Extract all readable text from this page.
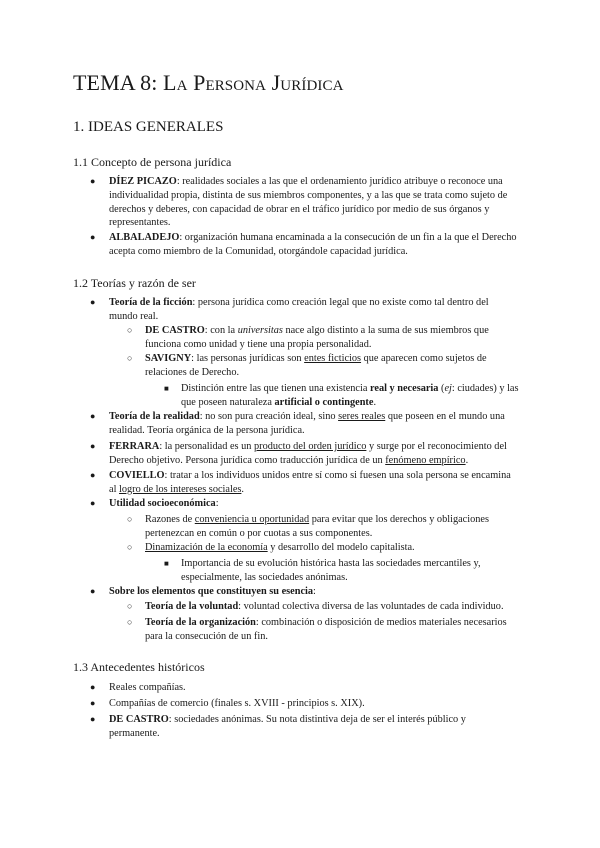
TEMA 8: La Persona Jurídica
1. IDEAS GENERALES
1.1 Concepto de persona jurídica
● DÍEZ PICAZO: realidades sociales a las que el ordenamiento jurídico atribuye o reconoce una individualidad propia, distinta de sus miembros componentes, y a las que se trata como sujeto de derechos y deberes, con capacidad de obrar en el tráfico jurídico por medio de sus órganos y representantes.
● ALBALADEJO: organización humana encaminada a la consecución de un fin a la que el Derecho acepta como miembro de la Comunidad, otorgándole capacidad jurídica.
1.2 Teorías y razón de ser
● Teoría de la ficción: persona jurídica como creación legal que no existe como tal dentro del mundo real.
○ DE CASTRO: con la universitas nace algo distinto a la suma de sus miembros que funciona como unidad y tiene una propia personalidad.
○ SAVIGNY: las personas jurídicas son entes ficticios que aparecen como sujetos de relaciones de Derecho.
■ Distinción entre las que tienen una existencia real y necesaria (ej: ciudades) y las que poseen naturaleza artificial o contingente.
● Teoría de la realidad: no son pura creación ideal, sino seres reales que poseen en el mundo una realidad. Teoría orgánica de la persona jurídica.
● FERRARA: la personalidad es un producto del orden jurídico y surge por el reconocimiento del Derecho objetivo. Persona jurídica como traducción jurídica de un fenómeno empírico.
● COVIELLO: tratar a los individuos unidos entre sí como si fuesen una sola persona se encamina al logro de los intereses sociales.
● Utilidad socioeconómica:
○ Razones de conveniencia u oportunidad para evitar que los derechos y obligaciones pertenezcan en común o por cuotas a sus componentes.
○ Dinamización de la economía y desarrollo del modelo capitalista.
■ Importancia de su evolución histórica hasta las sociedades mercantiles y, especialmente, las sociedades anónimas.
● Sobre los elementos que constituyen su esencia:
○ Teoría de la voluntad: voluntad colectiva diversa de las voluntades de cada individuo.
○ Teoría de la organización: combinación o disposición de medios materiales necesarios para la consecución de un fin.
1.3 Antecedentes históricos
● Reales compañías.
● Compañías de comercio (finales s. XVIII - principios s. XIX).
● DE CASTRO: sociedades anónimas. Su nota distintiva deja de ser el interés público y permanente.
